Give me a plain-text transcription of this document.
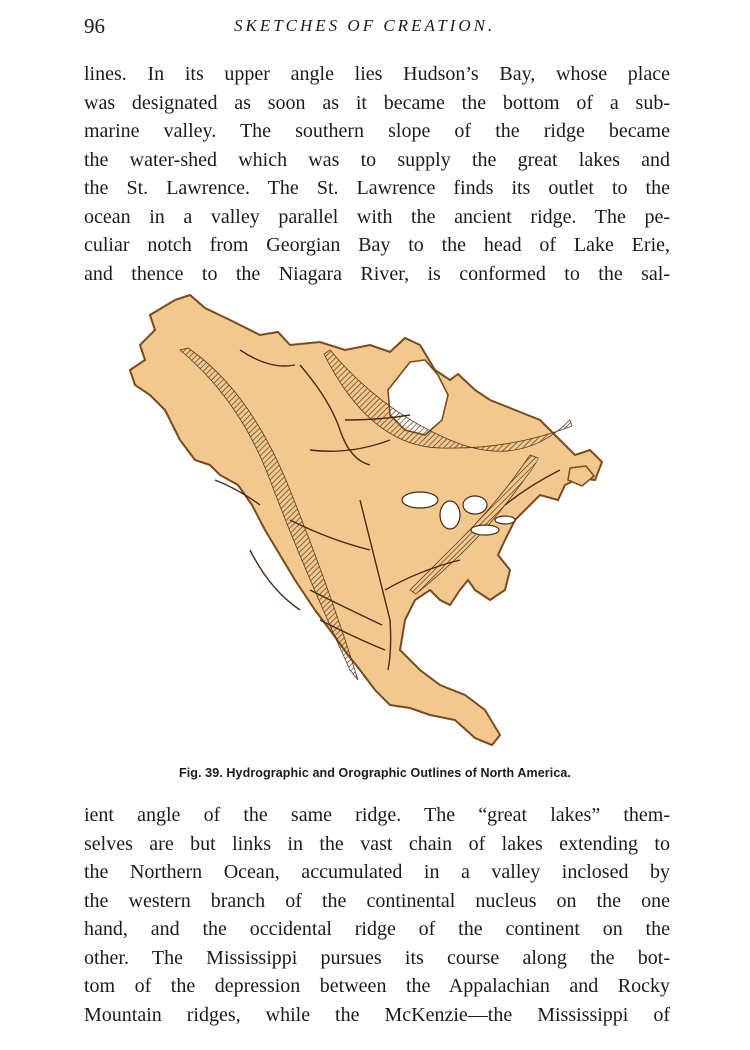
96	SKETCHES OF CREATION.
lines. In its upper angle lies Hudson’s Bay, whose place
was designated as soon as it became the bottom of a sub-
marine valley. The southern slope of the ridge became
the water-shed which was to supply the great lakes and
the St. Lawrence. The St. Lawrence finds its outlet to the
ocean in a valley parallel with the ancient ridge. The pe-
culiar notch from Georgian Bay to the head of Lake Erie,
and thence to the Niagara River, is conformed to the sal-
Fig. 39. Hydrographic and Orographic Outlines of North America.
ient angle of the same ridge. The “great lakes” them-
selves are but links in the vast chain of lakes extending to
the Northern Ocean, accumulated in a valley inclosed by
the western branch of the continental nucleus on the one
hand, and the occidental ridge of the continent on the
other. The Mississippi pursues its course along the bot-
tom of the depression between the Appalachian and Rocky
Mountain ridges, while the McKenzie—the Mississippi of
